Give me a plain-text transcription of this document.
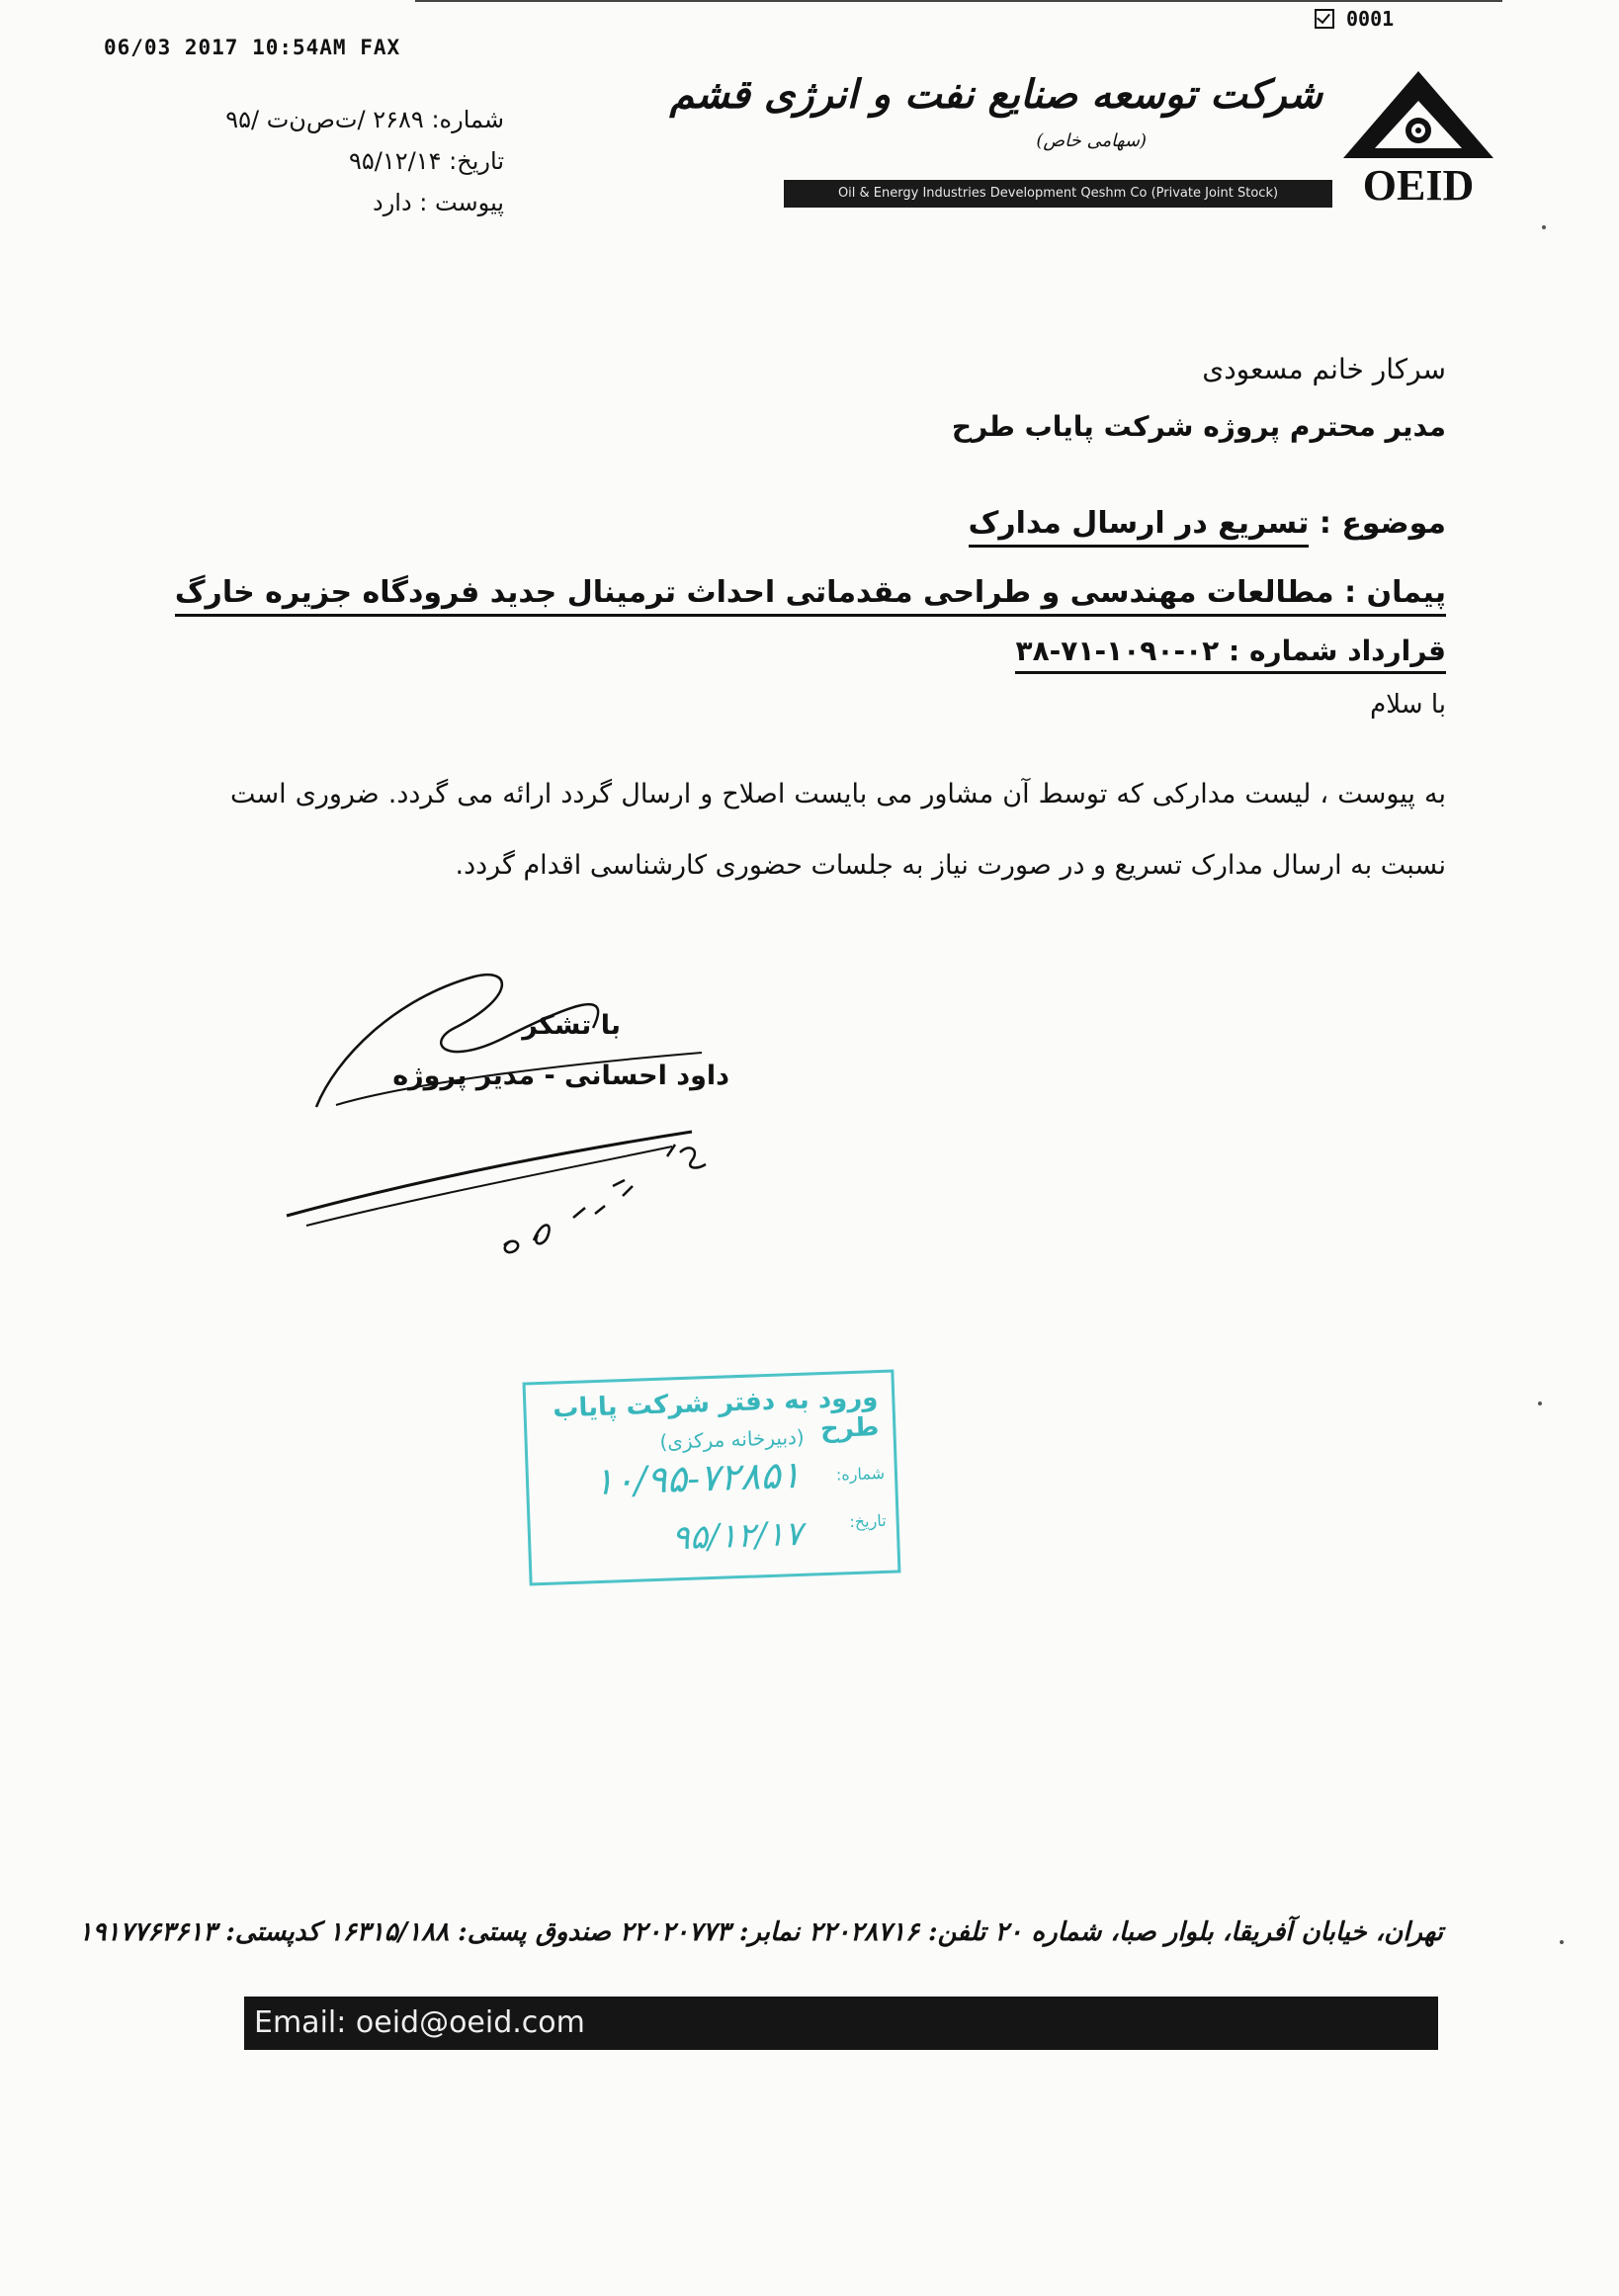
06/03 2017 10:54AM FAX
0001
شماره: ۲۶۸۹ /ت‌ص‌ن‌ت /۹۵
تاریخ: ۹۵/۱۲/۱۴
پیوست : دارد
شرکت توسعه صنایع نفت و انرژی قشم
(سهامی خاص)
Oil & Energy Industries Development Qeshm Co (Private Joint Stock)	OEID
سرکار خانم مسعودی
مدیر محترم پروژه شرکت پایاب طرح
موضوع : تسریع در ارسال مدارک
پیمان : مطالعات مهندسی و طراحی مقدماتی احداث ترمینال جدید فرودگاه جزیره خارگ
قرارداد شماره : ۰۲-۱۰۹۰-۷۱-۳۸
با سلام
به پیوست ، لیست مدارکی که توسط آن مشاور می بایست اصلاح و ارسال گردد ارائه می گردد. ضروری است نسبت به ارسال مدارک تسریع و در صورت نیاز به جلسات حضوری کارشناسی اقدام گردد.
با تشکر
داود احسانی - مدیر پروژه
ورود به دفتر شرکت پایاب طرح
(دبیرخانه مرکزی)
شماره:
۱۰/۹۵-۷۲۸۵۱
تاریخ:
۹۵/۱۲/۱۷
تهران، خیابان آفریقا، بلوار صبا، شماره ۲۰ تلفن: ۲۲۰۲۸۷۱۶ نمابر: ۲۲۰۲۰۷۷۳ صندوق پستی: ۱۶۳۱۵/۱۸۸ کدپستی: ۱۹۱۷۷۶۳۶۱۳
Email: oeid@oeid.com
